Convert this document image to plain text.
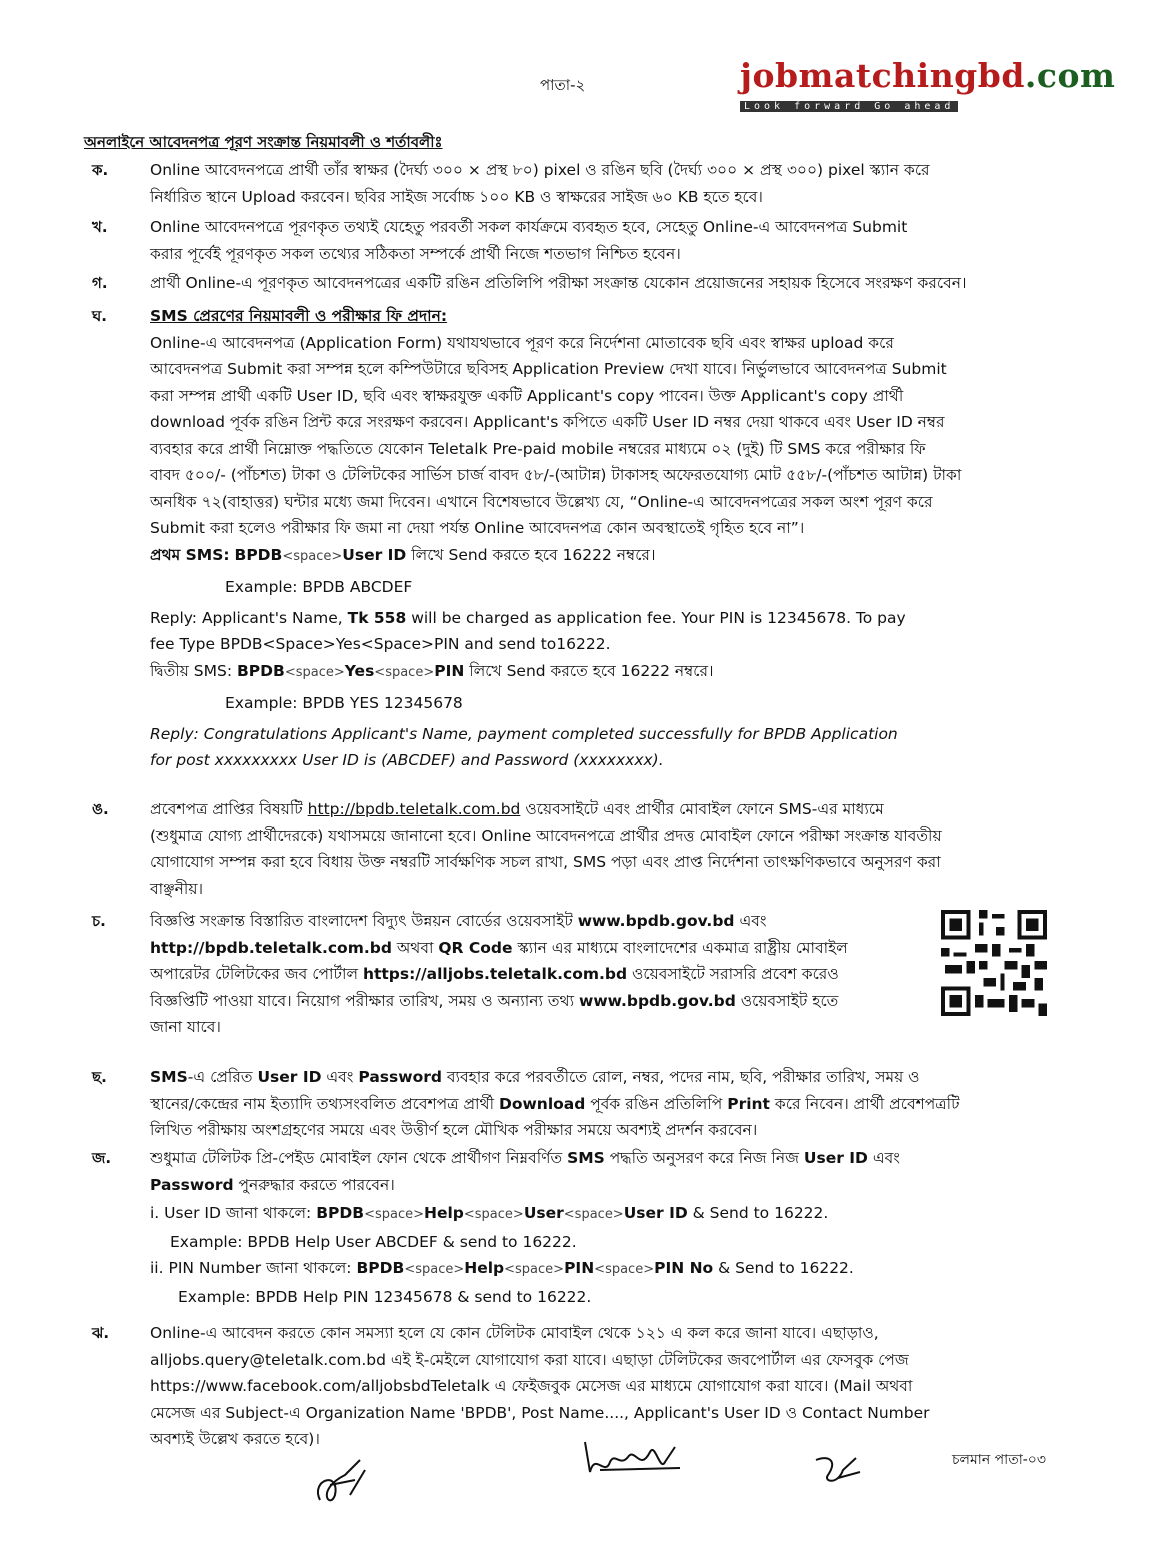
পাতা-২	jobmatchingbd.com
Look forward Go ahead
অনলাইনে আবেদনপত্র পূরণ সংক্রান্ত নিয়মাবলী ও শর্তাবলীঃ
ক.	Online আবেদনপত্রে প্রার্থী তাঁর স্বাক্ষর (দৈর্ঘ্য ৩০০ × প্রস্থ ৮০) pixel ও রঙিন ছবি (দৈর্ঘ্য ৩০০ × প্রস্থ ৩০০) pixel স্ক্যান করে
নির্ধারিত স্থানে Upload করবেন। ছবির সাইজ সর্বোচ্চ ১০০ KB ও স্বাক্ষরের সাইজ ৬০ KB হতে হবে।
খ.	Online আবেদনপত্রে পূরণকৃত তথ্যই যেহেতু পরবর্তী সকল কার্যক্রমে ব্যবহৃত হবে, সেহেতু Online-এ আবেদনপত্র Submit
করার পূর্বেই পূরণকৃত সকল তথ্যের সঠিকতা সম্পর্কে প্রার্থী নিজে শতভাগ নিশ্চিত হবেন।
গ.	প্রার্থী Online-এ পূরণকৃত আবেদনপত্রের একটি রঙিন প্রতিলিপি পরীক্ষা সংক্রান্ত যেকোন প্রয়োজনের সহায়ক হিসেবে সংরক্ষণ করবেন।
ঘ.	SMS প্রেরণের নিয়মাবলী ও পরীক্ষার ফি প্রদান:
Online-এ আবেদনপত্র (Application Form) যথাযথভাবে পূরণ করে নির্দেশনা মোতাবেক ছবি এবং স্বাক্ষর upload করে
আবেদনপত্র Submit করা সম্পন্ন হলে কম্পিউটারে ছবিসহ Application Preview দেখা যাবে। নির্ভুলভাবে আবেদনপত্র Submit
করা সম্পন্ন প্রার্থী একটি User ID, ছবি এবং স্বাক্ষরযুক্ত একটি Applicant's copy পাবেন। উক্ত Applicant's copy প্রার্থী
download পূর্বক রঙিন প্রিন্ট করে সংরক্ষণ করবেন। Applicant's কপিতে একটি User ID নম্বর দেয়া থাকবে এবং User ID নম্বর
ব্যবহার করে প্রার্থী নিম্নোক্ত পদ্ধতিতে যেকোন Teletalk Pre-paid mobile নম্বরের মাধ্যমে ০২ (দুই) টি SMS করে পরীক্ষার ফি
বাবদ ৫০০/- (পাঁচশত) টাকা ও টেলিটকের সার্ভিস চার্জ বাবদ ৫৮/-(আটান্ন) টাকাসহ অফেরতযোগ্য মোট ৫৫৮/-(পাঁচশত আটান্ন) টাকা
অনধিক ৭২(বাহাত্তর) ঘন্টার মধ্যে জমা দিবেন। এখানে বিশেষভাবে উল্লেখ্য যে, “Online-এ আবেদনপত্রের সকল অংশ পূরণ করে
Submit করা হলেও পরীক্ষার ফি জমা না দেয়া পর্যন্ত Online আবেদনপত্র কোন অবস্থাতেই গৃহিত হবে না”।
প্রথম SMS: BPDB<space>User ID লিখে Send করতে হবে 16222 নম্বরে।
Example: BPDB ABCDEF
Reply: Applicant's Name, Tk 558 will be charged as application fee. Your PIN is 12345678. To pay
fee Type BPDB<Space>Yes<Space>PIN and send to16222.
দ্বিতীয় SMS: BPDB<space>Yes<space>PIN লিখে Send করতে হবে 16222 নম্বরে।
Example: BPDB YES 12345678
Reply: Congratulations Applicant's Name, payment completed successfully for BPDB Application
for post xxxxxxxxx User ID is (ABCDEF) and Password (xxxxxxxx).
ঙ.	প্রবেশপত্র প্রাপ্তির বিষয়টি http://bpdb.teletalk.com.bd ওয়েবসাইটে এবং প্রার্থীর মোবাইল ফোনে SMS-এর মাধ্যমে
(শুধুমাত্র যোগ্য প্রার্থীদেরকে) যথাসময়ে জানানো হবে। Online আবেদনপত্রে প্রার্থীর প্রদত্ত মোবাইল ফোনে পরীক্ষা সংক্রান্ত যাবতীয়
যোগাযোগ সম্পন্ন করা হবে বিধায় উক্ত নম্বরটি সার্বক্ষণিক সচল রাখা, SMS পড়া এবং প্রাপ্ত নির্দেশনা তাৎক্ষণিকভাবে অনুসরণ করা
বাঞ্ছনীয়।
চ.	বিজ্ঞপ্তি সংক্রান্ত বিস্তারিত বাংলাদেশ বিদ্যুৎ উন্নয়ন বোর্ডের ওয়েবসাইট www.bpdb.gov.bd এবং
http://bpdb.teletalk.com.bd অথবা QR Code স্ক্যান এর মাধ্যমে বাংলাদেশের একমাত্র রাষ্ট্রীয় মোবাইল
অপারেটর টেলিটকের জব পোর্টাল https://alljobs.teletalk.com.bd ওয়েবসাইটে সরাসরি প্রবেশ করেও
বিজ্ঞপ্তিটি পাওয়া যাবে। নিয়োগ পরীক্ষার তারিখ, সময় ও অন্যান্য তথ্য www.bpdb.gov.bd ওয়েবসাইট হতে
জানা যাবে।
ছ.	SMS-এ প্রেরিত User ID এবং Password ব্যবহার করে পরবর্তীতে রোল, নম্বর, পদের নাম, ছবি, পরীক্ষার তারিখ, সময় ও
স্থানের/কেন্দ্রের নাম ইত্যাদি তথ্যসংবলিত প্রবেশপত্র প্রার্থী Download পূর্বক রঙিন প্রতিলিপি Print করে নিবেন। প্রার্থী প্রবেশপত্রটি
লিখিত পরীক্ষায় অংশগ্রহণের সময়ে এবং উত্তীর্ণ হলে মৌখিক পরীক্ষার সময়ে অবশ্যই প্রদর্শন করবেন।
জ.	শুধুমাত্র টেলিটক প্রি-পেইড মোবাইল ফোন থেকে প্রার্থীগণ নিম্নবর্ণিত SMS পদ্ধতি অনুসরণ করে নিজ নিজ User ID এবং
Password পুনরুদ্ধার করতে পারবেন।
i. User ID জানা থাকলে: BPDB<space>Help<space>User<space>User ID & Send to 16222.
Example: BPDB Help User ABCDEF & send to 16222.
ii. PIN Number জানা থাকলে: BPDB<space>Help<space>PIN<space>PIN No & Send to 16222.
Example: BPDB Help PIN 12345678 & send to 16222.
ঝ.	Online-এ আবেদন করতে কোন সমস্যা হলে যে কোন টেলিটক মোবাইল থেকে ১২১ এ কল করে জানা যাবে। এছাড়াও,
alljobs.query@teletalk.com.bd এই ই-মেইলে যোগাযোগ করা যাবে। এছাড়া টেলিটকের জবপোর্টাল এর ফেসবুক পেজ
https://www.facebook.com/alljobsbdTeletalk এ ফেইজবুক মেসেজ এর মাধ্যমে যোগাযোগ করা যাবে। (Mail অথবা
মেসেজ এর Subject-এ Organization Name 'BPDB', Post Name...., Applicant's User ID ও Contact Number
অবশ্যই উল্লেখ করতে হবে)।
চলমান পাতা-০৩
